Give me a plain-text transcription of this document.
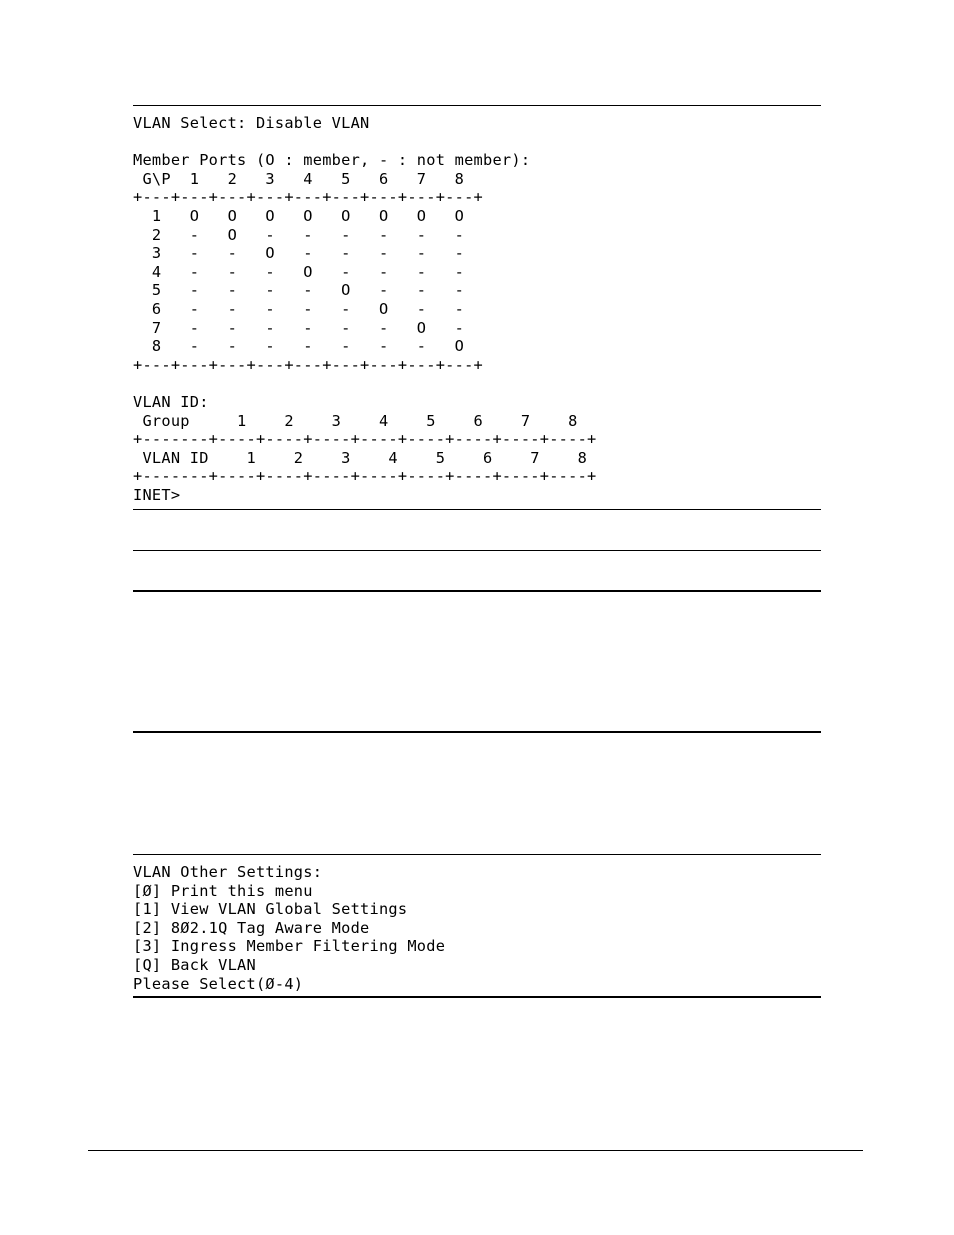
VLAN Select: Disable VLAN
Member Ports (O : member, - : not member):
G\P  1   2   3   4   5   6   7   8
+---+---+---+---+---+---+---+---+---+
1   O   O   O   O   O   O   O   O
2   -   O   -   -   -   -   -   -
3   -   -   O   -   -   -   -   -
4   -   -   -   O   -   -   -   -
5   -   -   -   -   O   -   -   -
6   -   -   -   -   -   O   -   -
7   -   -   -   -   -   -   O   -
8   -   -   -   -   -   -   -   O
+---+---+---+---+---+---+---+---+---+
VLAN ID:
Group     1    2    3    4    5    6    7    8
+-------+----+----+----+----+----+----+----+----+
VLAN ID    1    2    3    4    5    6    7    8
+-------+----+----+----+----+----+----+----+----+
INET>
VLAN Other Settings:
[Ø] Print this menu
[1] View VLAN Global Settings
[2] 8Ø2.1Q Tag Aware Mode
[3] Ingress Member Filtering Mode
[Q] Back VLAN
Please Select(Ø-4)
